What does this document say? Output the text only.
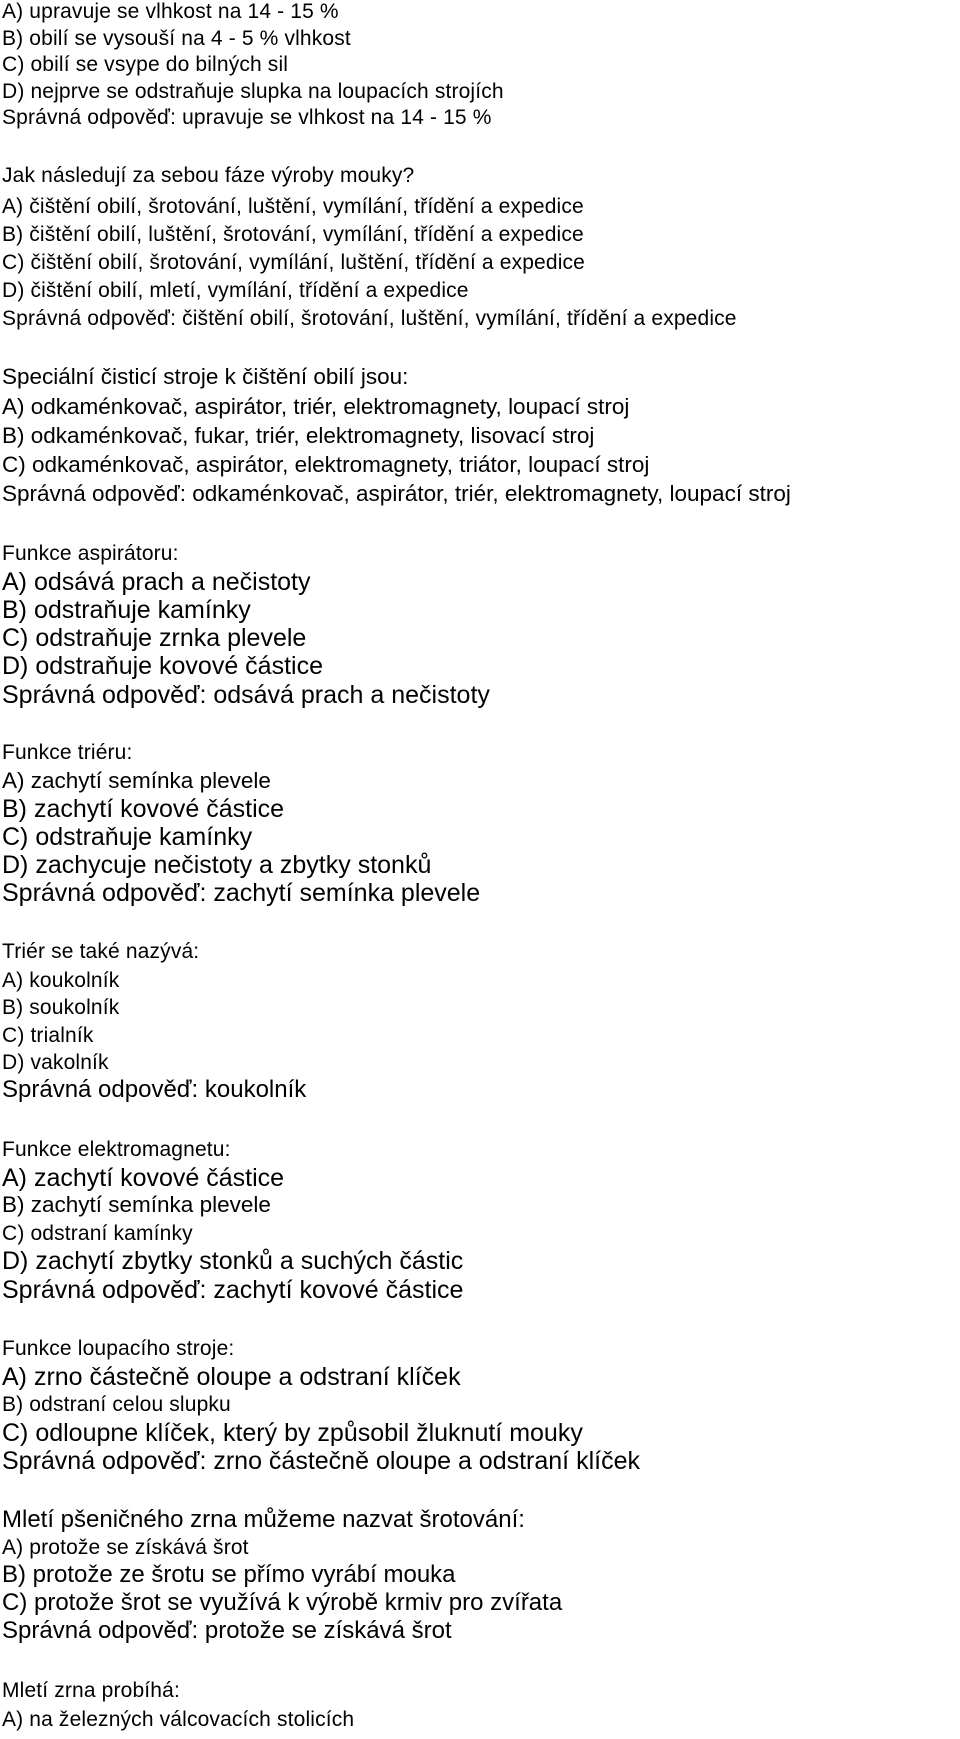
A) upravuje se vlhkost na 14 - 15 %
B) obilí se vysouší na 4 - 5 % vlhkost
C) obilí se vsype do bilných sil
D) nejprve se odstraňuje slupka na loupacích strojích
Správná odpověď: upravuje se vlhkost na 14 - 15 %
Jak následují za sebou fáze výroby mouky?
A) čištění obilí, šrotování, luštění, vymílání, třídění a expedice
B) čištění obilí, luštění, šrotování, vymílání, třídění a expedice
C) čištění obilí, šrotování, vymílání, luštění, třídění a expedice
D) čištění obilí, mletí, vymílání, třídění a expedice
Správná odpověď: čištění obilí, šrotování, luštění, vymílání, třídění a expedice
Speciální čisticí stroje k čištění obilí jsou:
A) odkaménkovač, aspirátor, triér, elektromagnety, loupací stroj
B) odkaménkovač, fukar, triér, elektromagnety, lisovací stroj
C) odkaménkovač, aspirátor, elektromagnety, triátor, loupací stroj
Správná odpověď: odkaménkovač, aspirátor, triér, elektromagnety, loupací stroj
Funkce aspirátoru:
A) odsává prach a nečistoty
B) odstraňuje kamínky
C) odstraňuje zrnka plevele
D) odstraňuje kovové částice
Správná odpověď: odsává prach a nečistoty
Funkce triéru:
A) zachytí semínka plevele
B) zachytí kovové částice
C) odstraňuje kamínky
D) zachycuje nečistoty a zbytky stonků
Správná odpověď: zachytí semínka plevele
Triér se také nazývá:
A) koukolník
B) soukolník
C) trialník
D) vakolník
Správná odpověď: koukolník
Funkce elektromagnetu:
A) zachytí kovové částice
B) zachytí semínka plevele
C) odstraní kamínky
D) zachytí zbytky stonků a suchých částic
Správná odpověď: zachytí kovové částice
Funkce loupacího stroje:
A) zrno částečně oloupe a odstraní klíček
B) odstraní celou slupku
C) odloupne klíček, který by způsobil žluknutí mouky
Správná odpověď: zrno částečně oloupe a odstraní klíček
Mletí pšeničného zrna můžeme nazvat šrotování:
A) protože se získává šrot
B) protože ze šrotu se přímo vyrábí mouka
C) protože šrot se využívá k výrobě krmiv pro zvířata
Správná odpověď: protože se získává šrot
Mletí zrna probíhá:
A) na železných válcovacích stolicích
